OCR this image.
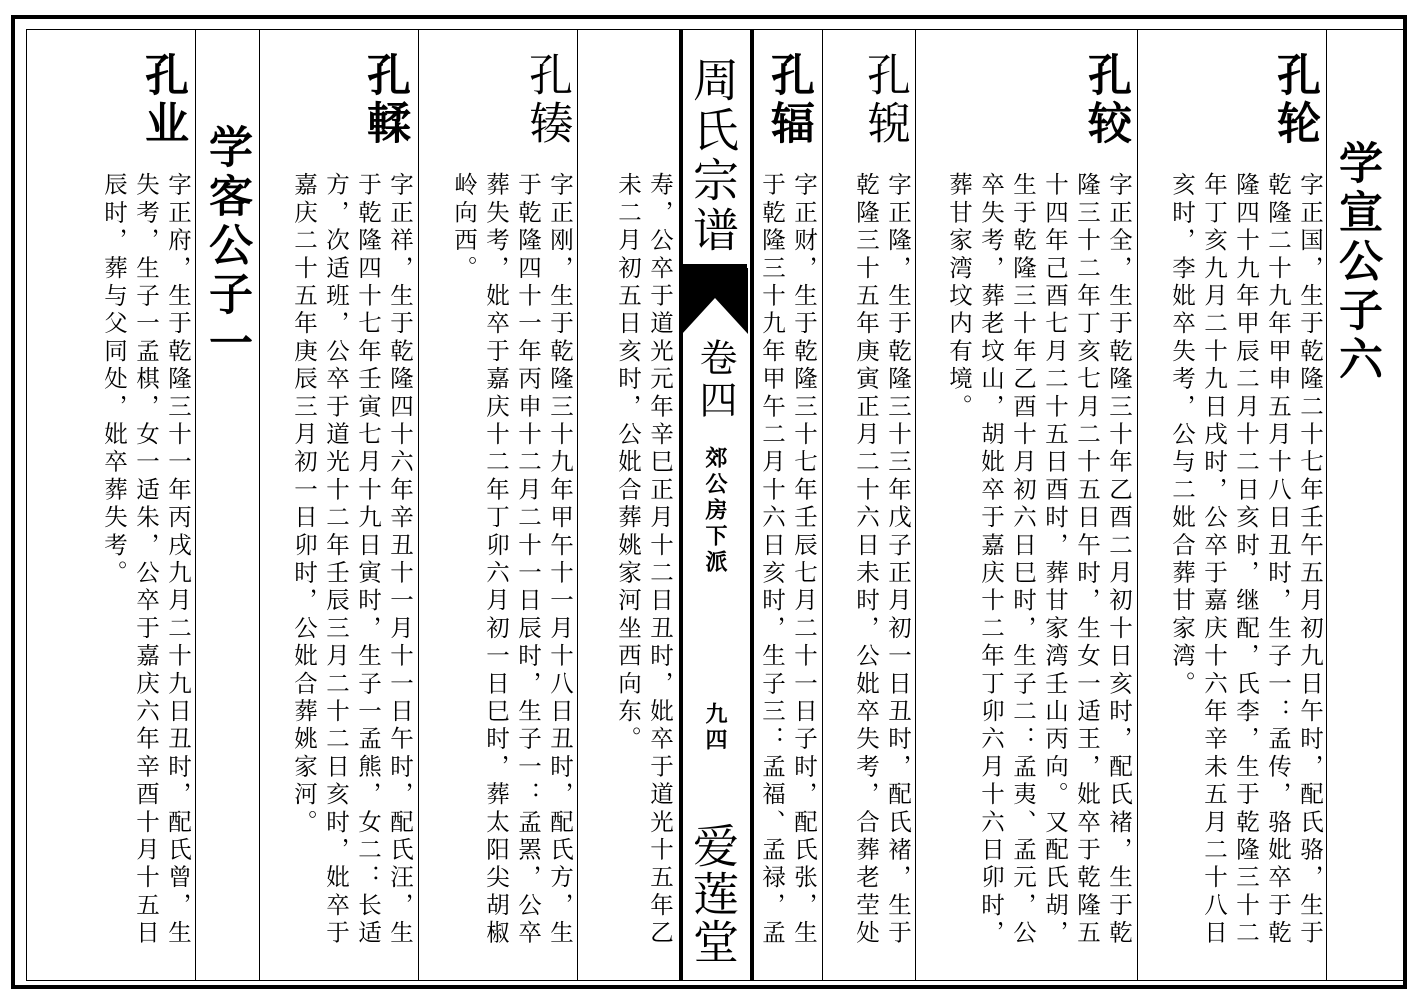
学宣公子六
孔轮
字正国，生于乾隆二十七年壬午五月初九日午时，配氏骆，生于乾隆二十九年甲申五月十八日丑时，生子一：孟传，骆妣卒于乾隆四十九年甲辰二月十二日亥时，继配，氏李，生于乾隆三十二年丁亥九月二十九日戌时，公卒于嘉庆十六年辛未五月二十八日亥时，李妣卒失考，公与二妣合葬甘家湾。
孔较
字正全，生于乾隆三十年乙酉二月初十日亥时，配氏褚，生于乾隆三十二年丁亥七月二十五日午时，生女一适王，妣卒于乾隆五十四年己酉七月二十五日酉时，葬甘家湾壬山丙向。又配氏胡，生于乾隆三十年乙酉十月初六日巳时，生子二：孟夷、孟元，公卒失考，葬老坟山，胡妣卒于嘉庆十二年丁卯六月十六日卯时，葬甘家湾坟内有境。
孔𫐐
字正隆，生于乾隆三十三年戊子正月初一日丑时，配氏褚，生于乾隆三十五年庚寅正月二十六日未时，公妣卒失考，合葬老茔处
孔辐
字正财，生于乾隆三十七年壬辰七月二十一日子时，配氏张，生于乾隆三十九年甲午二月十六日亥时，生子三：孟福、孟禄，孟
周氏宗谱
卷四
郊公房下派
九四
爱莲堂
寿，公卒于道光元年辛巳正月十二日丑时，妣卒于道光十五年乙未二月初五日亥时，公妣合葬姚家河坐西向东。
孔辏
字正刚，生于乾隆三十九年甲午十一月十八日丑时，配氏方，生于乾隆四十一年丙申十二月二十一日辰时，生子一：孟罴，公卒葬失考，妣卒于嘉庆十二年丁卯六月初一日巳时，葬太阳尖胡椒岭向西。
孔輮
字正祥，生于乾隆四十六年辛丑十一月十一日午时，配氏汪，生于乾隆四十七年壬寅七月十九日寅时，生子一孟熊，女二：长适方，次适班，公卒于道光十二年壬辰三月二十二日亥时，妣卒于嘉庆二十五年庚辰三月初一日卯时，公妣合葬姚家河。
学客公子一
孔业
字正府，生于乾隆三十一年丙戌九月二十九日丑时，配氏曾，生失考，生子一孟棋，女一适朱，公卒于嘉庆六年辛酉十月十五日辰时，葬与父同处，妣卒葬失考。
